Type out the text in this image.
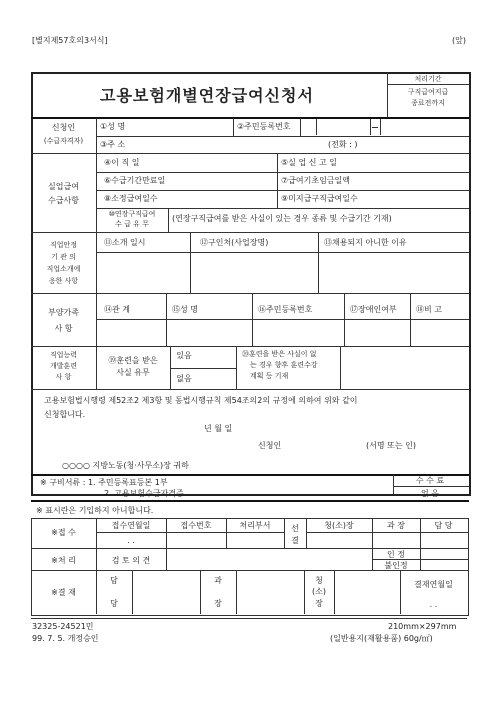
[별지제57호의3서식]	(앞)
고용보험개별연장급여신청서
처리기간
구직급여지급
종료전까지
신청인
(수급자격자)
①성 명	②주민등록번호
③주 소	(전화 : )
실업급여
수급사항
④이 직 일	⑤실 업 신 고 일
⑥수급기간만료일	⑦급여기초임금일액
⑧소정급여일수	⑨미지급구직급여일수
⑩연장구직급여
수 급 유 무
(연장구직급여를 받은 사실이 있는 경우 종류 및 수급기간 기재)
직업안정
기 관 의
직업소개에
응한 사항
⑪소개 일시	⑫구인처(사업장명)	⑬채용되지 아니한 이유
부양가족
사 항
⑭관 계	⑮성 명	⑯주민등록번호	⑰장애인여부 ⑱비 고
직업능력
개발훈련
사 항
⑲훈련을 받은
사실 유무
있음
없음
⑳훈련을 받은 사실이 없
는 경우 향후 훈련수강
계획 등 기재
고용보험법시행령 제52조2 제3항 및 동법시행규칙 제54조의2의 규정에 의하여 위와 같이
신청합니다.
년 월 일
신청인	(서명 또는 인)
○○○○ 지방노동(청·사무소)장 귀하
※ 구비서류 : 1. 주민등록표등본 1부
2. 고용보험수급자격증
수 수 료
없 음
※ 표시란은 기입하지 아니합니다.
※접 수
접수연월일
. .
접수번호	처리부서	선
결
청(소)장	과 장	담 당
※처 리	검 토 의 견
인 정
불인정
※결 재
담
당
과
장
청
(소)
장
결재연월일
. .
32325-24521민
99. 7. 5. 개정승인
210mm×297mm
(일반용지(재활용품) 60g/㎡)
